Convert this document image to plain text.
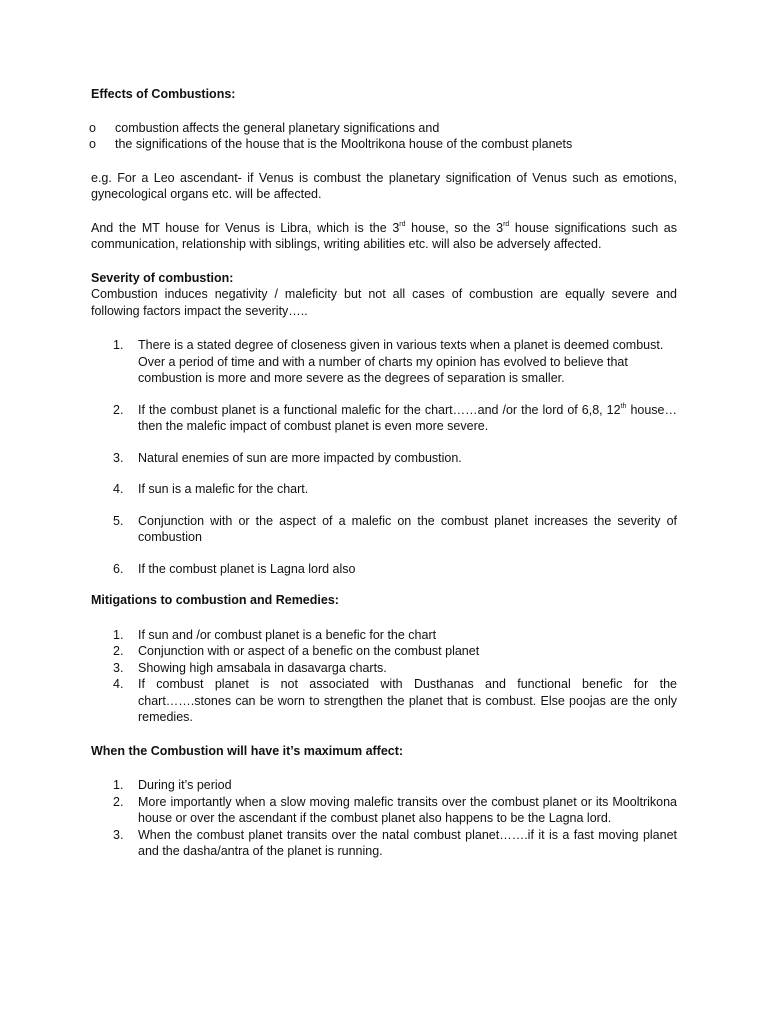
Effects of Combustions:

o combustion affects the general planetary significations and
o the significations of the house that is the Mooltrikona house of the combust planets

e.g. For a Leo ascendant- if Venus is combust the planetary signification of Venus such as emotions, gynecological organs etc. will be affected.

And the MT house for Venus is Libra, which is the 3rd house, so the 3rd house significations such as communication, relationship with siblings, writing abilities etc. will also be adversely affected.

Severity of combustion:

Combustion induces negativity / maleficity but not all cases of combustion are equally severe and following factors impact the severity…..

1. There is a stated degree of closeness given in various texts when a planet is deemed combust.
Over a period of time and with a number of charts my opinion has evolved to believe that
combustion is more and more severe as the degrees of separation is smaller.
2. If the combust planet is a functional malefic for the chart……and /or the lord of 6,8, 12th house…then the malefic impact of combust planet is even more severe.
3. Natural enemies of sun are more impacted by combustion.
4. If sun is a malefic for the chart.
5. Conjunction with or the aspect of a malefic on the combust planet increases the severity of combustion
6. If the combust planet is Lagna lord also

Mitigations to combustion and Remedies:

1. If sun and /or combust planet is a benefic for the chart
2. Conjunction with or aspect of a benefic on the combust planet
3. Showing high amsabala in dasavarga charts.
4. If combust planet is not associated with Dusthanas and functional benefic for the chart…….stones can be worn to strengthen the planet that is combust. Else poojas are the only remedies.

When the Combustion will have it’s maximum affect:

1. During it’s period
2. More importantly when a slow moving malefic transits over the combust planet or its Mooltrikona house or over the ascendant if the combust planet also happens to be the Lagna lord.
3. When the combust planet transits over the natal combust planet…….if it is a fast moving planet and the dasha/antra of the planet is running.
